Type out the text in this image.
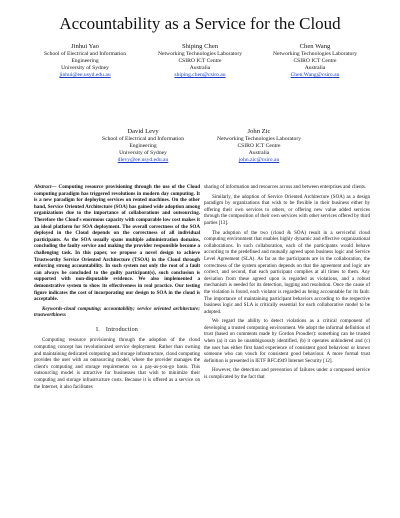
Accountability as a Service for the Cloud
Jinhui Yao
School of Electrical and Information
Engineering
University of Sydney
jinhui@ee.usyd.edu.au
Shiping Chen
Networking Technologies Laboratory
CSIRO ICT Centre
Australia
shiping.chen@csiro.au
Chen Wang
Networking Technologies Laboratory
CSIRO ICT Centre
Australia
Chen.Wang@csiro.au
David Levy
School of Electrical and Information
Engineering
University of Sydney
dlevy@ee.usyd.edu.au
John Zic
Networking Technologies Laboratory
CSIRO ICT Centre
Australia
john.zic@csiro.au

Abstract— Computing resource provisioning through the use of the Cloud computing paradigm has triggered revolutions in modern day computing. It is a new paradigm for deploying services on rented machines. On the other hand, Service Oriented Architecture (SOA) has gained wide adoption among organizations due to the importance of collaborations and outsourcing. Therefore the Cloud's enormous capacity with comparable low cost makes it an ideal platform for SOA deployment. The overall correctness of the SOA deployed in the Cloud depends on the correctness of all individual participants. As the SOA usually spans multiple administration domains, concluding the faulty service and making the provider responsible become a challenging task. In this paper, we propose a novel design to achieve Trustworthy Service Oriented Architecture (TSOA) in the Cloud through enforcing strong accountability. In such system not only the root of a fault can always be concluded to the guilty participant(s), such conclusion is supported with non-disputable evidence. We also implemented a demonstrative system to show its effectiveness in real practice. Our testing figure indicates the cost of incorporating our design to SOA in the cloud is acceptable.

Keywords-cloud computing; accountability; service oriented architecture; trustworthiness

I. Introduction

Computing resource provisioning through the adoption of the cloud computing concept has revolutionized service deployment. Rather than owning and maintaining dedicated computing and storage infrastructure, cloud computing provides the user with an outsourcing model, where the provider manages the client's computing and storage requirements on a pay-as-you-go basis. This outsourcing model is attractive for businesses that wish to minimize their computing and storage infrastructure costs. Because it is offered as a service on the Internet, it also facilitates

sharing of information and resources across and between enterprises and clients.

Similarly, the adoption of Service Oriented Architecture (SOA) as a design paradigm by organizations that wish to be flexible in their business either by offering their own services to others, or offering new value added services through the composition of their own services with other services offered by third parties [13].

The adoption of the two (cloud & SOA) result in a serviceful cloud computing environment that enables highly dynamic and effective organizational collaborations. In such collaboration, each of the participants would behave according to the predefined and mutually agreed upon business logic and Service Level Agreement (SLA). As far as the participants are in the collaboration, the correctness of the system operation depends on that the agreement and logic are correct, and second, that each participant complies at all times to them. Any deviation from these agreed upon is regarded as violations, and a robust mechanism is needed for its detection, logging and resolution. Once the cause of the violation is found, each violator is regarded as being accountable for its fault. The importance of maintaining participant behaviors according to the respective business logic and SLA is critically essential for each collaborative model to be adopted.

We regard the ability to detect violations as a critical component of developing a trusted computing environment. We adopt the informal definition of trust (based on comments made by Gordon Proudler): something can be trusted when (a) it can be unambiguously identified, (b) it operates unhindered and (c) the user has either first hand experience of consistent good behaviour or knows someone who can vouch for consistent good behaviour. A more formal trust definition is presented in IETF RFC4949 Internet Security [12].

However, the detection and prevention of failures under a composed service is complicated by the fact that
